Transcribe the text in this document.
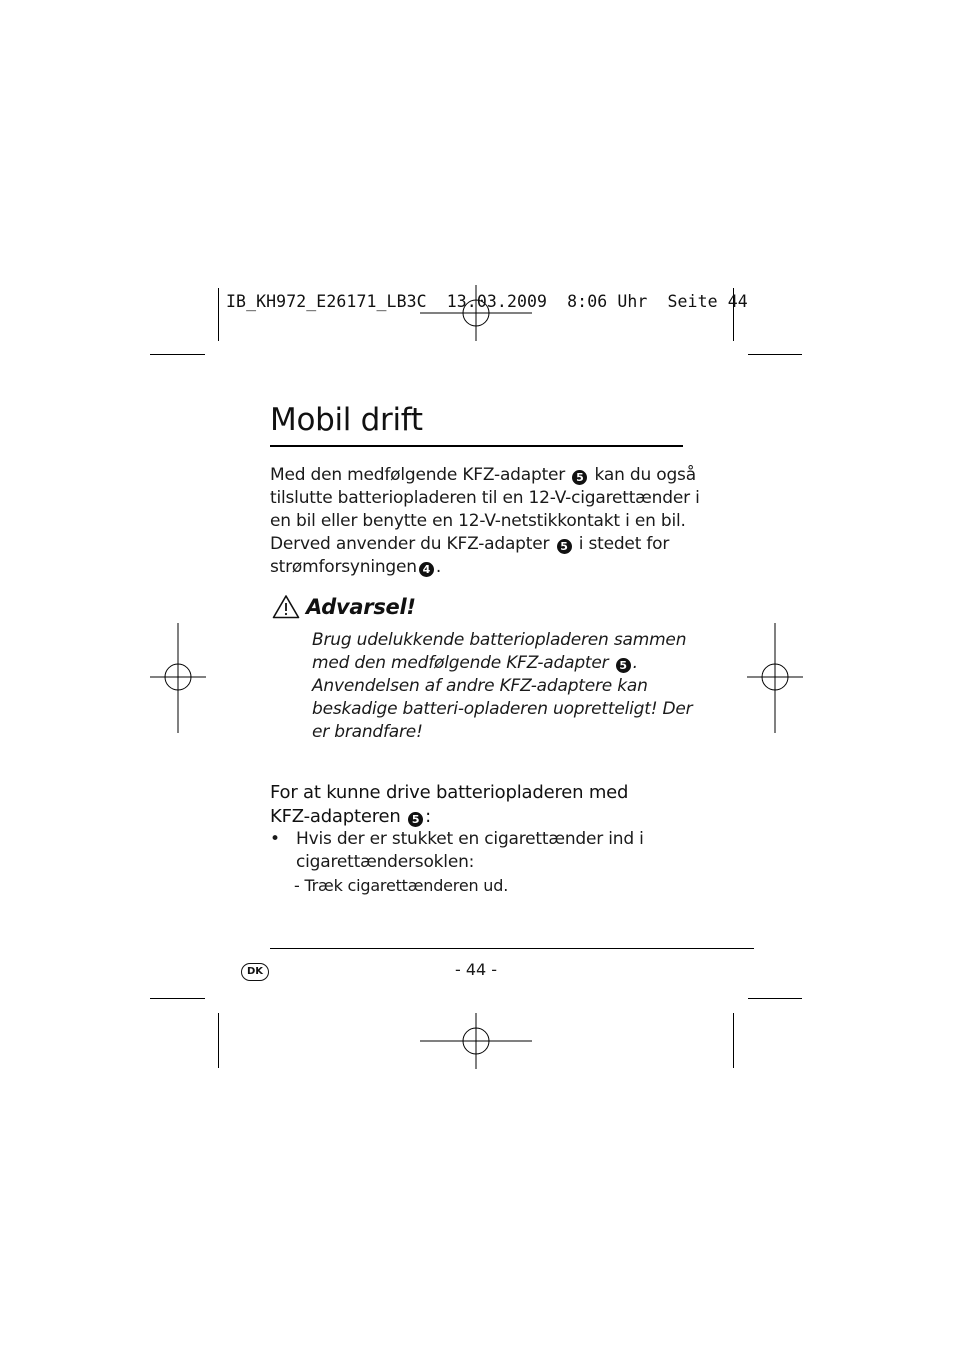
IB_KH972_E26171_LB3C  13.03.2009  8:06 Uhr  Seite 44
Mobil drift
Med den medfølgende KFZ-adapter 5 kan du også
tilslutte batteriopladeren til en 12-V-cigarettænder i
en bil eller benytte en 12-V-netstikkontakt i en bil.
Derved anvender du KFZ-adapter 5 i stedet for
strømforsyningen 4 .
Advarsel!
Brug udelukkende batteriopladeren sammen
med den medfølgende KFZ-adapter 5 .
Anvendelsen af andre KFZ-adaptere kan
beskadige batteri-opladeren uopretteligt! Der
er brandfare!
For at kunne drive batteriopladeren med
KFZ-adapteren 5 :
• Hvis der er stukket en cigarettænder ind i
cigarettændersoklen:
- Træk cigarettænderen ud.
DK	- 44 -
